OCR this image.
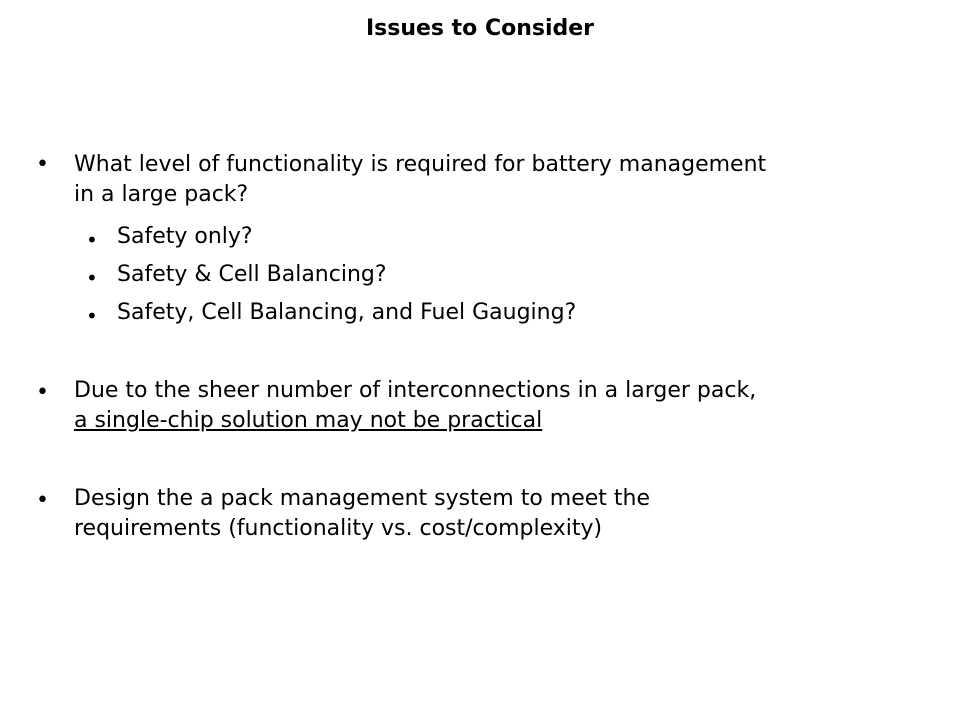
Issues to Consider
• What level of functionality is required for battery management
in a large pack?
• Safety only?
• Safety & Cell Balancing?
• Safety, Cell Balancing, and Fuel Gauging?
• Due to the sheer number of interconnections in a larger pack,
a single-chip solution may not be practical
• Design the a pack management system to meet the
requirements (functionality vs. cost/complexity)
